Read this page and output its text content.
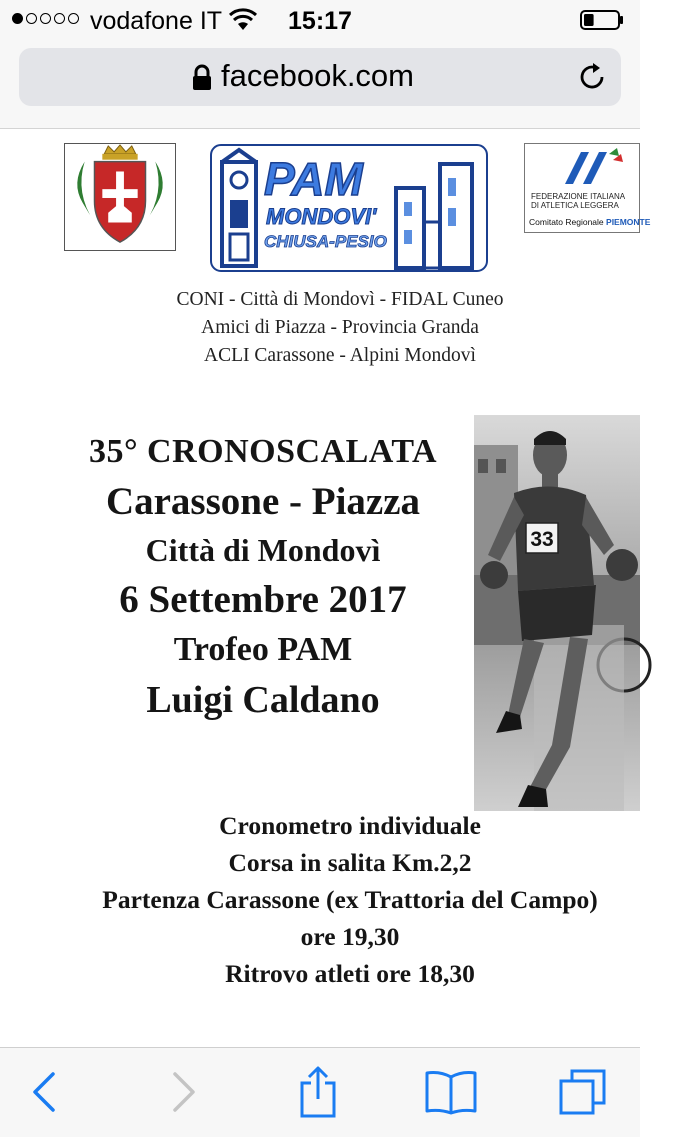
vodafone IT	15:17
facebook.com
PAM
MONDOVI'
CHIUSA-PESIO
FEDERAZIONE ITALIANA
DI ATLETICA LEGGERA
Comitato Regionale PIEMONTE
CONI - Città di Mondovì - FIDAL Cuneo
Amici di Piazza - Provincia Granda
ACLI Carassone - Alpini Mondovì
35° CRONOSCALATA
Carassone - Piazza
Città di Mondovì
6 Settembre 2017
Trofeo PAM
Luigi Caldano
33
Cronometro individuale
Corsa in salita Km.2,2
Partenza Carassone (ex Trattoria del Campo)
ore 19,30
Ritrovo atleti ore 18,30
